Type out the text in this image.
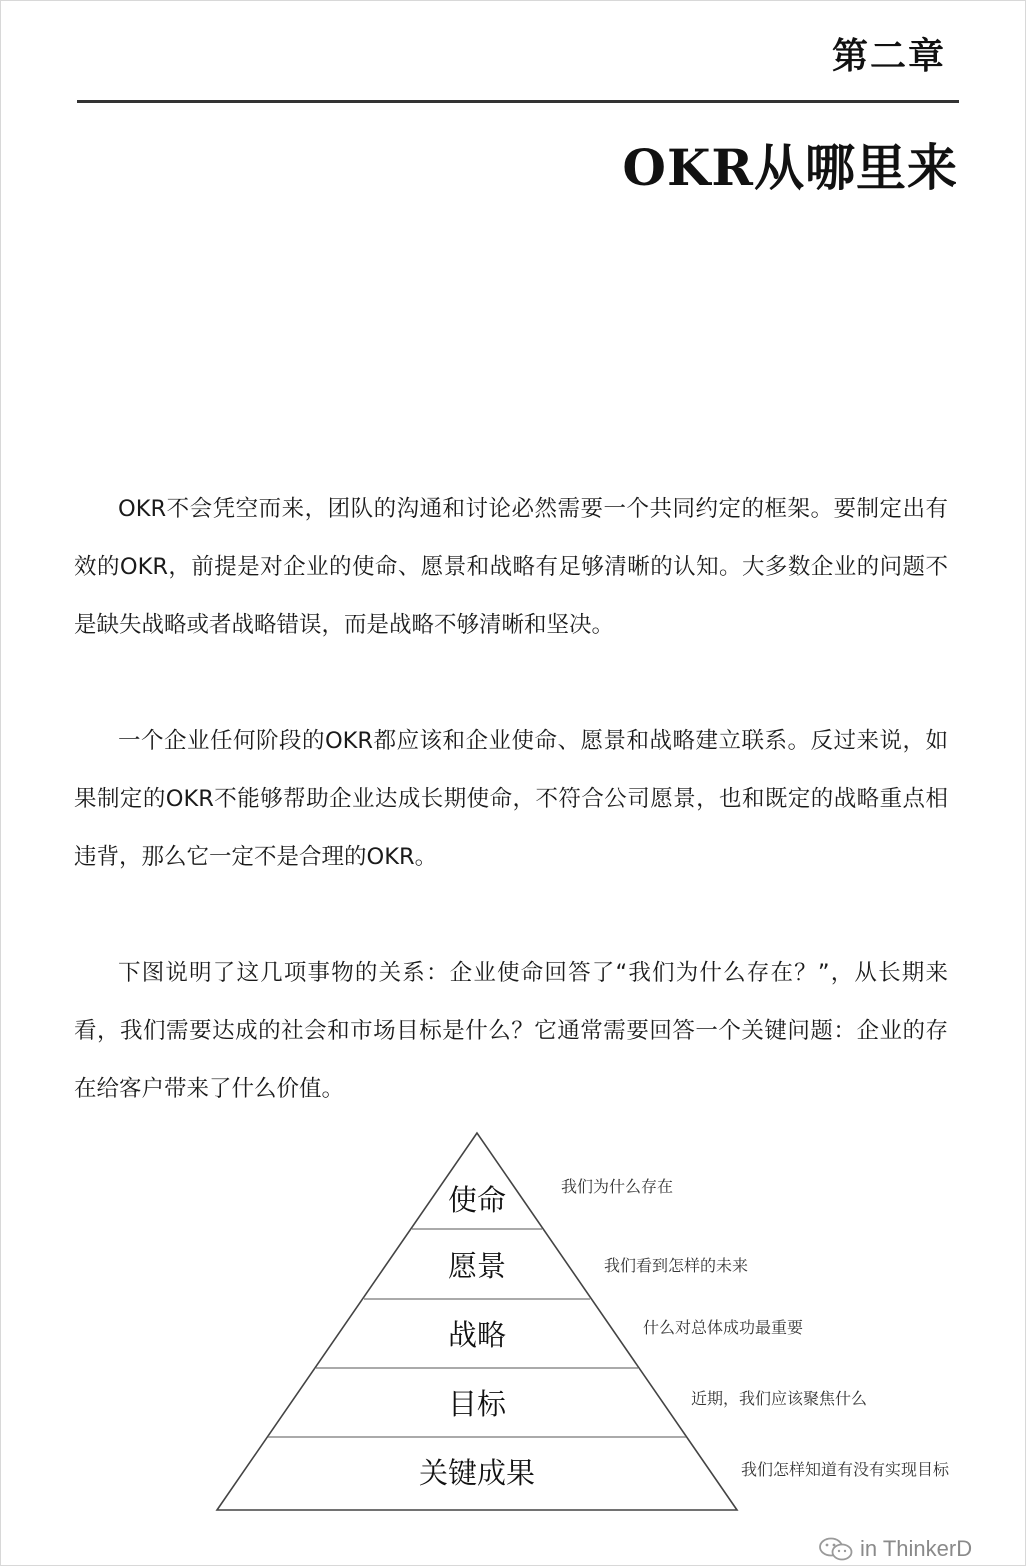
第二章
OKR从哪里来

OKR不会凭空而来，团队的沟通和讨论必然需要一个共同约定的框架。要制定出有效的OKR，前提是对企业的使命、愿景和战略有足够清晰的认知。大多数企业的问题不是缺失战略或者战略错误，而是战略不够清晰和坚决。

一个企业任何阶段的OKR都应该和企业使命、愿景和战略建立联系。反过来说，如果制定的OKR不能够帮助企业达成长期使命，不符合公司愿景，也和既定的战略重点相违背，那么它一定不是合理的OKR。

下图说明了这几项事物的关系：企业使命回答了“我们为什么存在？”，从长期来看，我们需要达成的社会和市场目标是什么？它通常需要回答一个关键问题：企业的存在给客户带来了什么价值。

使命
愿景
战略
目标
关键成果
我们为什么存在
我们看到怎样的未来
什么对总体成功最重要
近期，我们应该聚焦什么
我们怎样知道有没有实现目标
in ThinkerD
